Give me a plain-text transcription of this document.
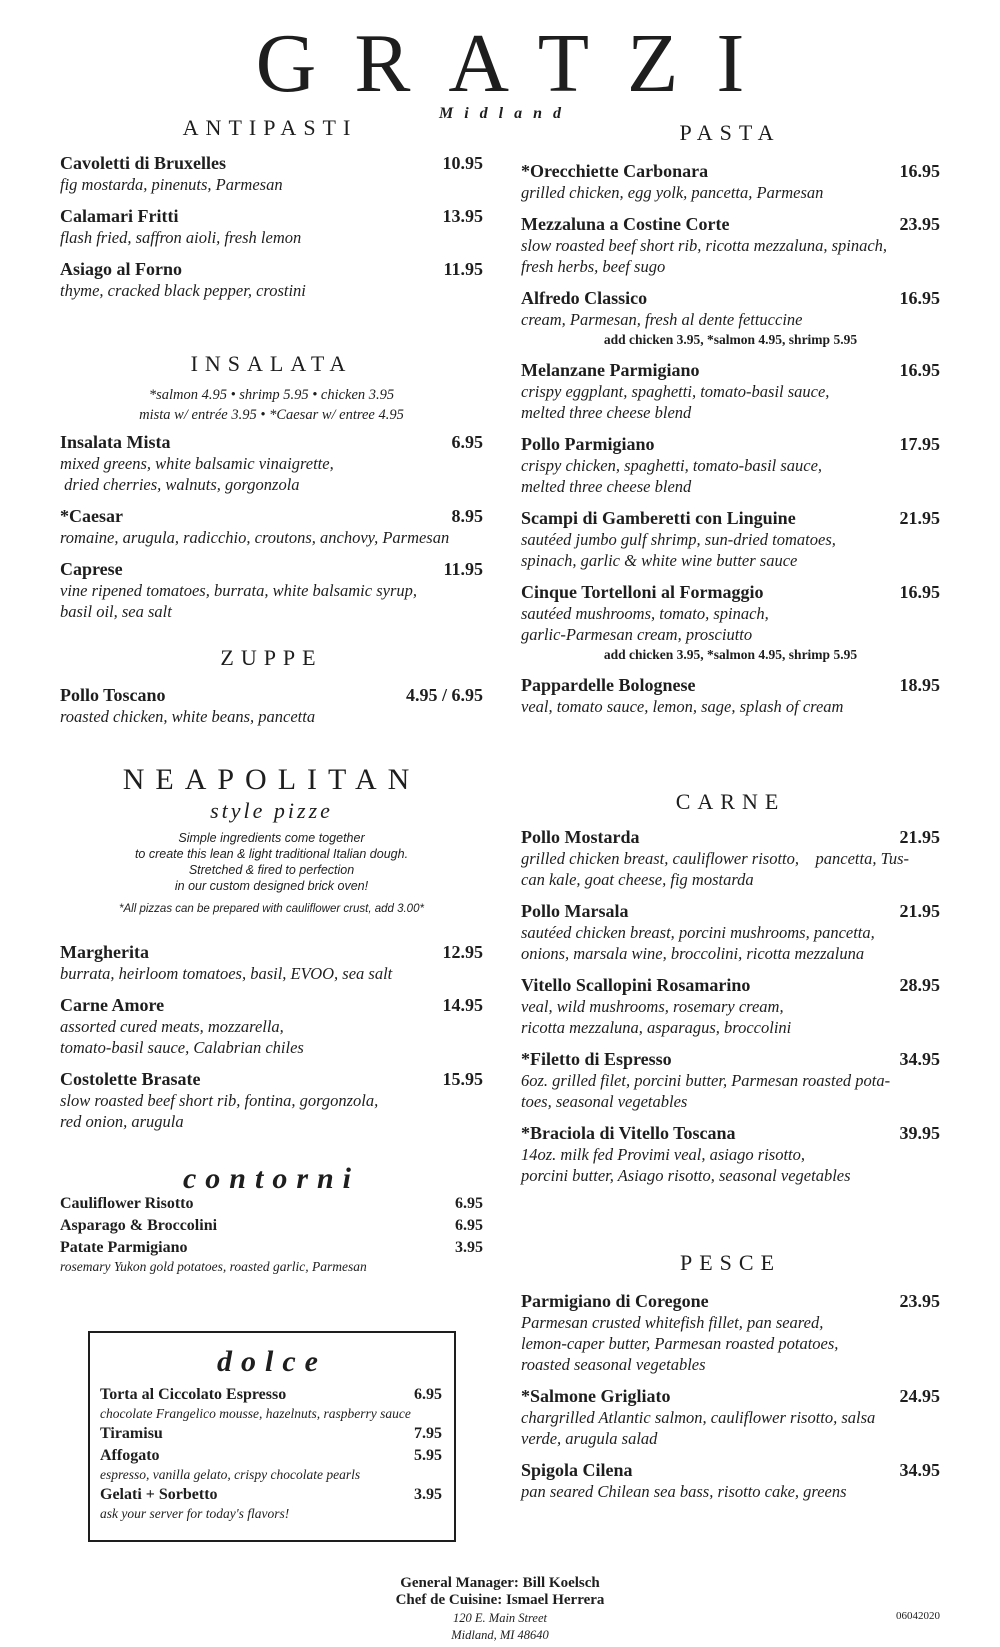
GRATZI
Midland
ANTIPASTI
Cavoletti di Bruxelles	10.95
fig mostarda, pinenuts, Parmesan
Calamari Fritti	13.95
flash fried, saffron aioli, fresh lemon
Asiago al Forno	11.95
thyme, cracked black pepper, crostini
INSALATA
*salmon 4.95 • shrimp 5.95 • chicken 3.95
mista w/ entrée 3.95 • *Caesar w/ entree 4.95
Insalata Mista	6.95
mixed greens, white balsamic vinaigrette,
dried cherries, walnuts, gorgonzola
*Caesar	8.95
romaine, arugula, radicchio, croutons, anchovy, Parmesan
Caprese	11.95
vine ripened tomatoes, burrata, white balsamic syrup,
basil oil, sea salt
ZUPPE
Pollo Toscano	4.95 / 6.95
roasted chicken, white beans, pancetta
NEAPOLITAN
style pizze
Simple ingredients come together
to create this lean & light traditional Italian dough.
Stretched & fired to perfection
in our custom designed brick oven!
*All pizzas can be prepared with cauliflower crust, add 3.00*
Margherita	12.95
burrata, heirloom tomatoes, basil, EVOO, sea salt
Carne Amore	14.95
assorted cured meats, mozzarella,
tomato-basil sauce, Calabrian chiles
Costolette Brasate	15.95
slow roasted beef short rib, fontina, gorgonzola,
red onion, arugula
contorni
Cauliflower Risotto	6.95
Asparago & Broccolini	6.95
Patate Parmigiano	3.95
rosemary Yukon gold potatoes, roasted garlic, Parmesan
dolce
Torta al Ciccolato Espresso	6.95
chocolate Frangelico mousse, hazelnuts, raspberry sauce
Tiramisu	7.95
Affogato	5.95
espresso, vanilla gelato, crispy chocolate pearls
Gelati + Sorbetto	3.95
ask your server for today's flavors!
PASTA
*Orecchiette Carbonara	16.95
grilled chicken, egg yolk, pancetta, Parmesan
Mezzaluna a Costine Corte	23.95
slow roasted beef short rib, ricotta mezzaluna, spinach,
fresh herbs, beef sugo
Alfredo Classico	16.95
cream, Parmesan, fresh al dente fettuccine
add chicken 3.95, *salmon 4.95, shrimp 5.95
Melanzane Parmigiano	16.95
crispy eggplant, spaghetti, tomato-basil sauce,
melted three cheese blend
Pollo Parmigiano	17.95
crispy chicken, spaghetti, tomato-basil sauce,
melted three cheese blend
Scampi di Gamberetti con Linguine	21.95
sautéed jumbo gulf shrimp, sun-dried tomatoes,
spinach, garlic & white wine butter sauce
Cinque Tortelloni al Formaggio	16.95
sautéed mushrooms, tomato, spinach,
garlic-Parmesan cream, prosciutto
add chicken 3.95, *salmon 4.95, shrimp 5.95
Pappardelle Bolognese	18.95
veal, tomato sauce, lemon, sage, splash of cream
CARNE
Pollo Mostarda	21.95
grilled chicken breast, cauliflower risotto,    pancetta, Tus-
can kale, goat cheese, fig mostarda
Pollo Marsala	21.95
sautéed chicken breast, porcini mushrooms, pancetta,
onions, marsala wine, broccolini, ricotta mezzaluna
Vitello Scallopini Rosamarino	28.95
veal, wild mushrooms, rosemary cream,
ricotta mezzaluna, asparagus, broccolini
*Filetto di Espresso	34.95
6oz. grilled filet, porcini butter, Parmesan roasted pota-
toes, seasonal vegetables
*Braciola di Vitello Toscana	39.95
14oz. milk fed Provimi veal, asiago risotto,
porcini butter, Asiago risotto, seasonal vegetables
PESCE
Parmigiano di Coregone	23.95
Parmesan crusted whitefish fillet, pan seared,
lemon-caper butter, Parmesan roasted potatoes,
roasted seasonal vegetables
*Salmone Grigliato	24.95
chargrilled Atlantic salmon, cauliflower risotto, salsa
verde, arugula salad
Spigola Cilena	34.95
pan seared Chilean sea bass, risotto cake, greens
General Manager: Bill Koelsch
Chef de Cuisine: Ismael Herrera
120 E. Main Street
Midland, MI 48640
06042020
